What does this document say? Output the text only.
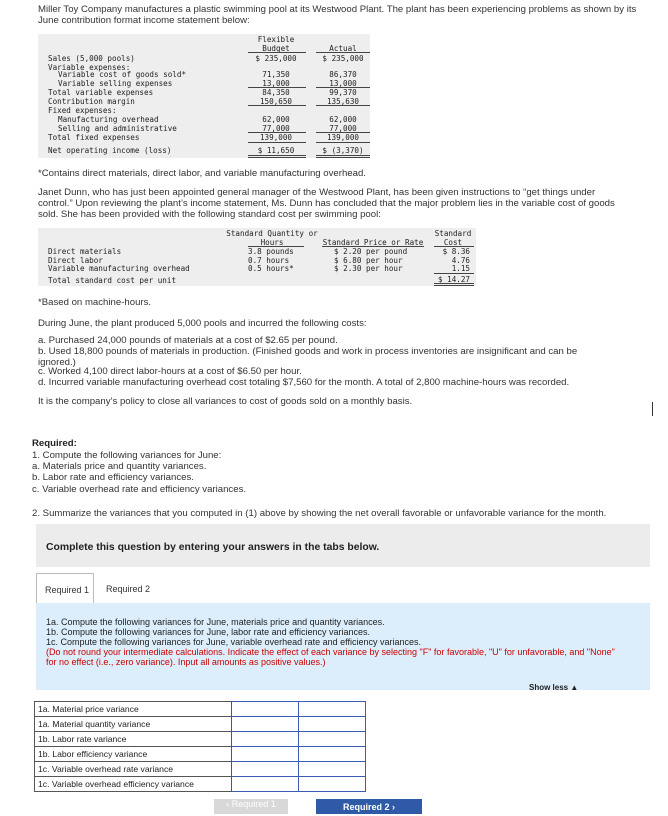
Miller Toy Company manufactures a plastic swimming pool at its Westwood Plant. The plant has been experiencing problems as shown by its June contribution format income statement below:

Flexible
Budget	Actual
Sales (5,000 pools)	$ 235,000	$ 235,000
Variable expenses:
Variable cost of goods sold*	71,350	86,370
Variable selling expenses	13,000	13,000
Total variable expenses	84,350	99,370
Contribution margin	150,650	135,630
Fixed expenses:
Manufacturing overhead	62,000	62,000
Selling and administrative	77,000	77,000
Total fixed expenses	139,000	139,000
Net operating income (loss)	$ 11,650	$ (3,370)

*Contains direct materials, direct labor, and variable manufacturing overhead.

Janet Dunn, who has just been appointed general manager of the Westwood Plant, has been given instructions to “get things under control.” Upon reviewing the plant’s income statement, Ms. Dunn has concluded that the major problem lies in the variable cost of goods sold. She has been provided with the following standard cost per swimming pool:

Standard Quantity or
Hours	Standard Price or Rate
Standard
Cost
Direct materials	3.8 pounds	$ 2.20 per pound	$ 8.36
Direct labor	0.7 hours	$ 6.80 per hour	4.76
Variable manufacturing overhead	0.5 hours*	$ 2.30 per hour	1.15
Total standard cost per unit	$ 14.27

*Based on machine-hours.

During June, the plant produced 5,000 pools and incurred the following costs:

a. Purchased 24,000 pounds of materials at a cost of $2.65 per pound.

b. Used 18,800 pounds of materials in production. (Finished goods and work in process inventories are insignificant and can be ignored.)

c. Worked 4,100 direct labor-hours at a cost of $6.50 per hour.

d. Incurred variable manufacturing overhead cost totaling $7,560 for the month. A total of 2,800 machine-hours was recorded.

It is the company’s policy to close all variances to cost of goods sold on a monthly basis.

Required:

1. Compute the following variances for June:

a. Materials price and quantity variances.

b. Labor rate and efficiency variances.

c. Variable overhead rate and efficiency variances.

2. Summarize the variances that you computed in (1) above by showing the net overall favorable or unfavorable variance for the month.

Complete this question by entering your answers in the tabs below.
Required 1 Required 2
1a. Compute the following variances for June, materials price and quantity variances.
1b. Compute the following variances for June, labor rate and efficiency variances.
1c. Compute the following variances for June, variable overhead rate and efficiency variances.
(Do not round your intermediate calculations. Indicate the effect of each variance by selecting "F" for favorable, "U" for unfavorable, and "None" for no effect (i.e., zero variance). Input all amounts as positive values.)
Show less ▲
1a. Material price variance		
1a. Material quantity variance		
1b. Labor rate variance		
1b. Labor efficiency variance		
1c. Variable overhead rate variance		
1c. Variable overhead efficiency variance		
‹ Required 1	Required 2 ›
